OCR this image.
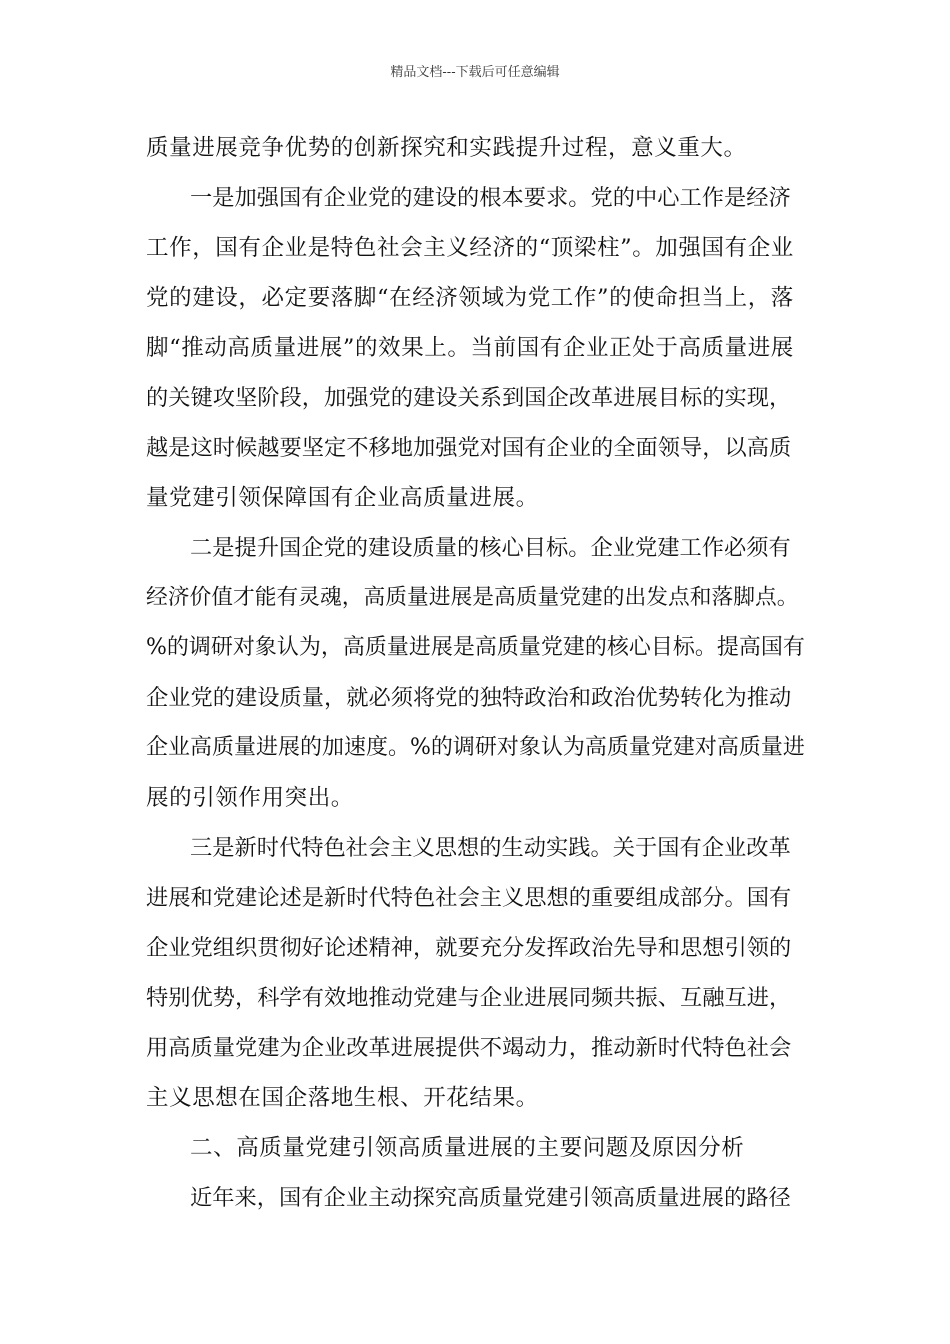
精品文档---下载后可任意编辑
质量进展竞争优势的创新探究和实践提升过程，意义重大。
一是加强国有企业党的建设的根本要求。党的中心工作是经济
工作，国有企业是特色社会主义经济的“顶梁柱”。加强国有企业
党的建设，必定要落脚“在经济领域为党工作”的使命担当上，落
脚“推动高质量进展”的效果上。当前国有企业正处于高质量进展
的关键攻坚阶段，加强党的建设关系到国企改革进展目标的实现，
越是这时候越要坚定不移地加强党对国有企业的全面领导，以高质
量党建引领保障国有企业高质量进展。
二是提升国企党的建设质量的核心目标。企业党建工作必须有
经济价值才能有灵魂，高质量进展是高质量党建的出发点和落脚点。
%的调研对象认为，高质量进展是高质量党建的核心目标。提高国有
企业党的建设质量，就必须将党的独特政治和政治优势转化为推动
企业高质量进展的加速度。%的调研对象认为高质量党建对高质量进
展的引领作用突出。
三是新时代特色社会主义思想的生动实践。关于国有企业改革
进展和党建论述是新时代特色社会主义思想的重要组成部分。国有
企业党组织贯彻好论述精神，就要充分发挥政治先导和思想引领的
特别优势，科学有效地推动党建与企业进展同频共振、互融互进，
用高质量党建为企业改革进展提供不竭动力，推动新时代特色社会
主义思想在国企落地生根、开花结果。
二、高质量党建引领高质量进展的主要问题及原因分析
近年来，国有企业主动探究高质量党建引领高质量进展的路径
